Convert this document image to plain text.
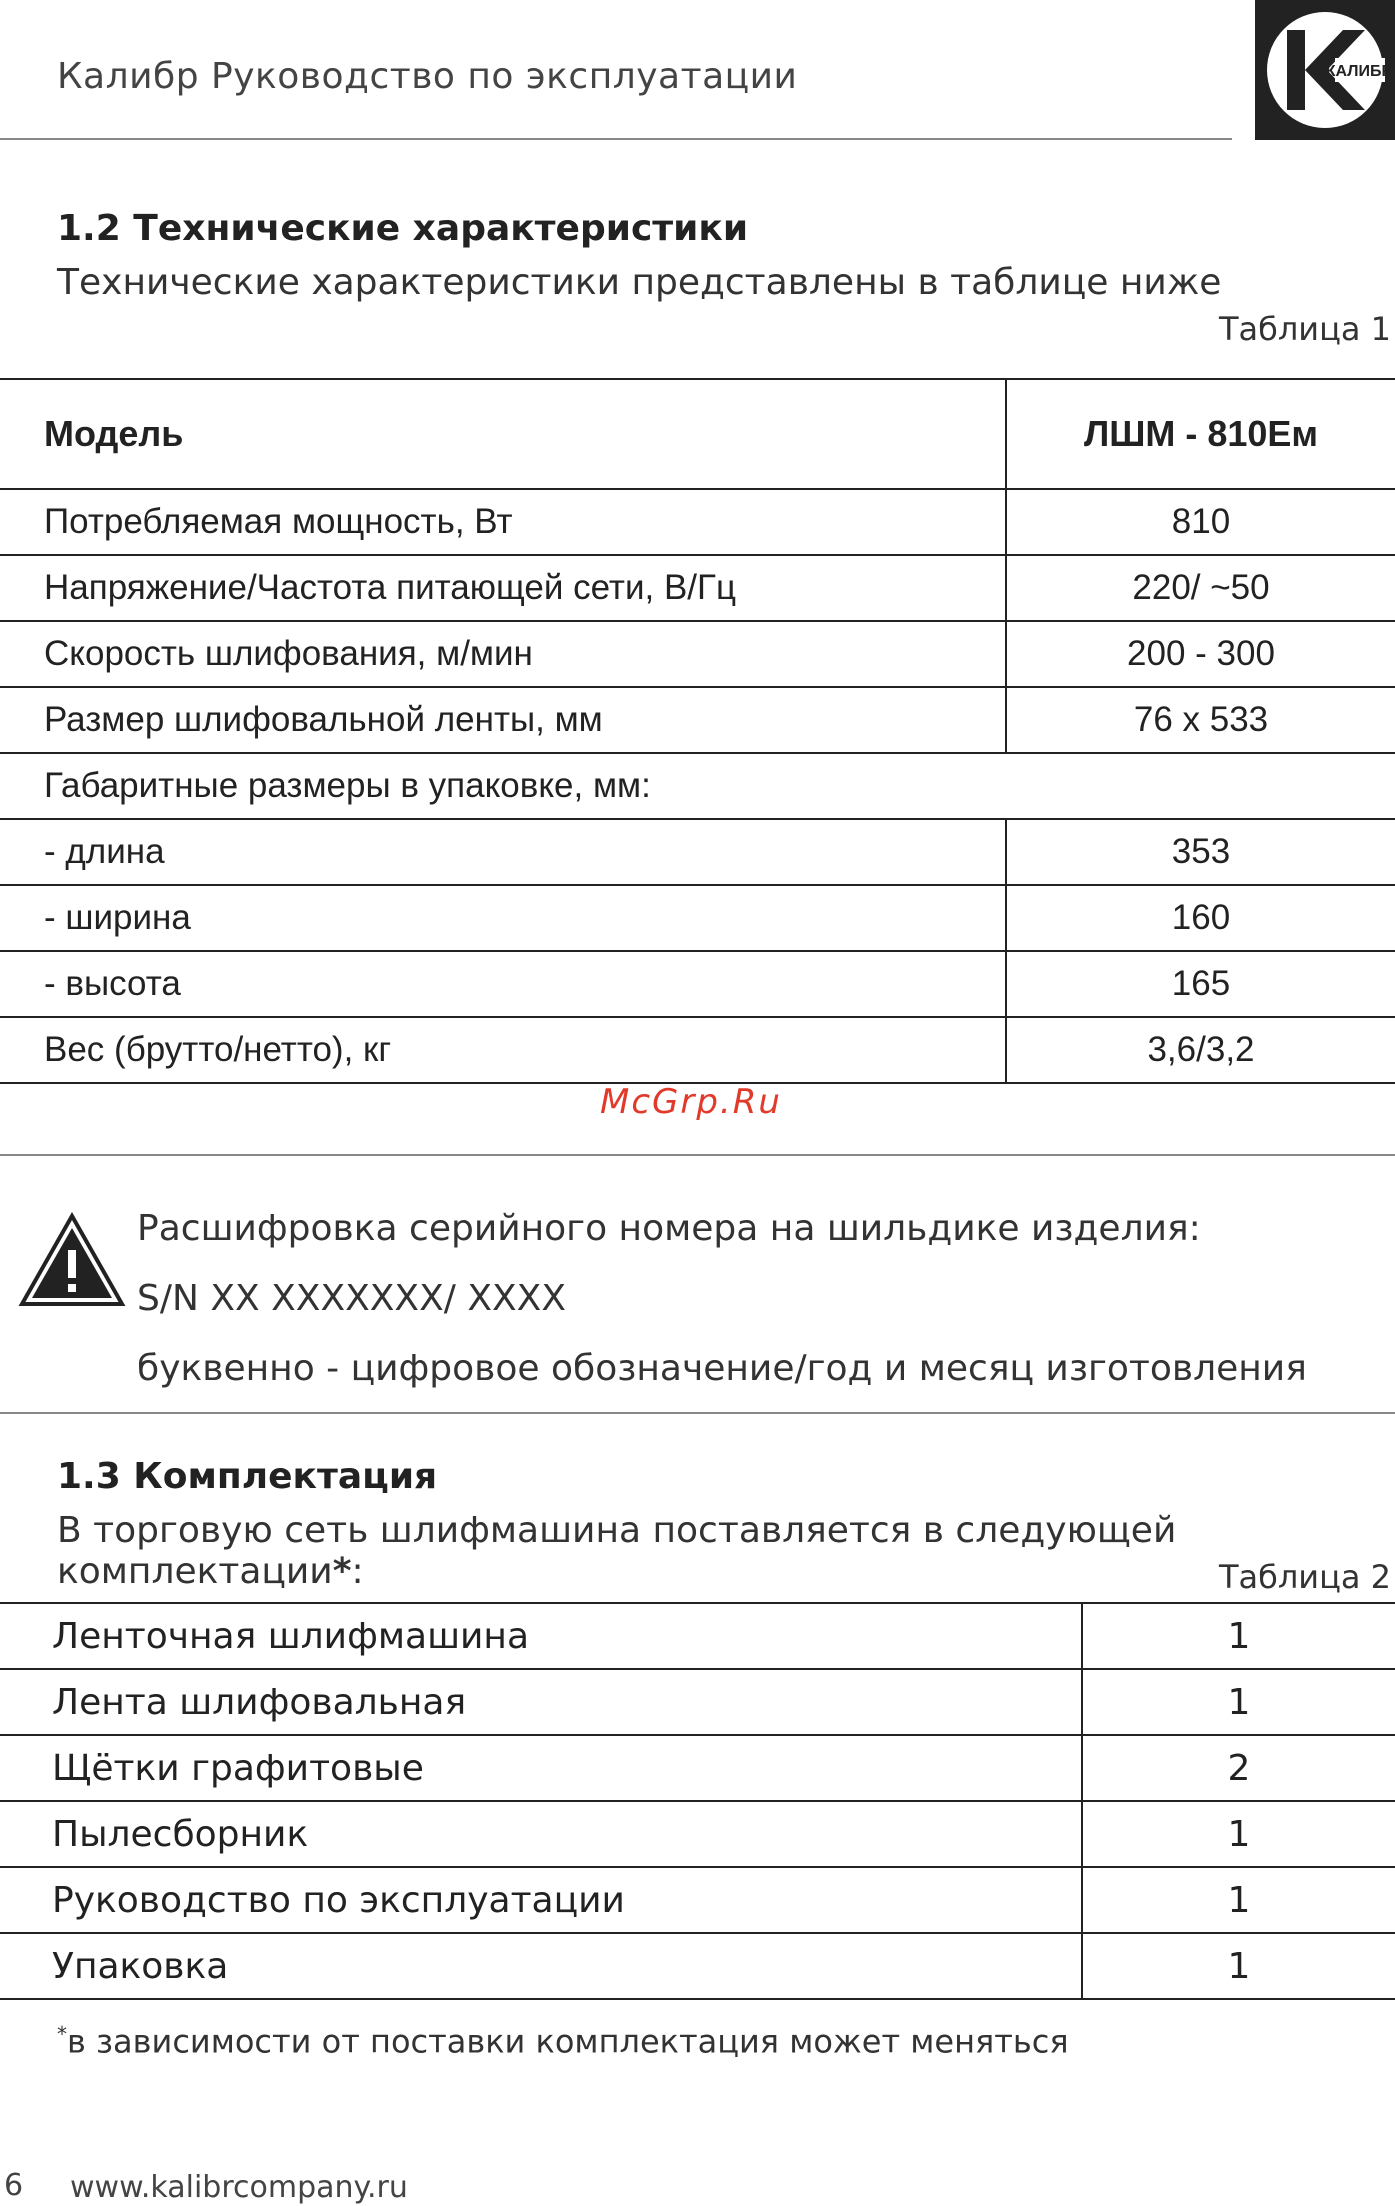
Калибр Руководство по эксплуатации	КАЛИБР
1.2 Технические характеристики
Технические характеристики представлены в таблице ниже
Таблица 1
Модель	ЛШМ - 810Ем
Потребляемая мощность, Вт	810
Напряжение/Частота питающей сети, В/Гц	220/ ~50
Скорость шлифования, м/мин	200 - 300
Размер шлифовальной ленты, мм	76 х 533
Габаритные размеры в упаковке, мм:	
- длина	353
- ширина	160
- высота	165
Вес (брутто/нетто), кг	3,6/3,2
McGrp.Ru
Расшифровка серийного номера на шильдике изделия:
S/N XX XXXXXXX/ XXXX
буквенно - цифровое обозначение/год и месяц изготовления
1.3 Комплектация
В торговую сеть шлифмашина поставляется в следующей комплектации*:	Таблица 2
Ленточная шлифмашина	1
Лента шлифовальная	1
Щётки графитовые	2
Пылесборник	1
Руководство по эксплуатации	1
Упаковка	1
*в зависимости от поставки комплектация может меняться
6 www.kalibrcompany.ru
